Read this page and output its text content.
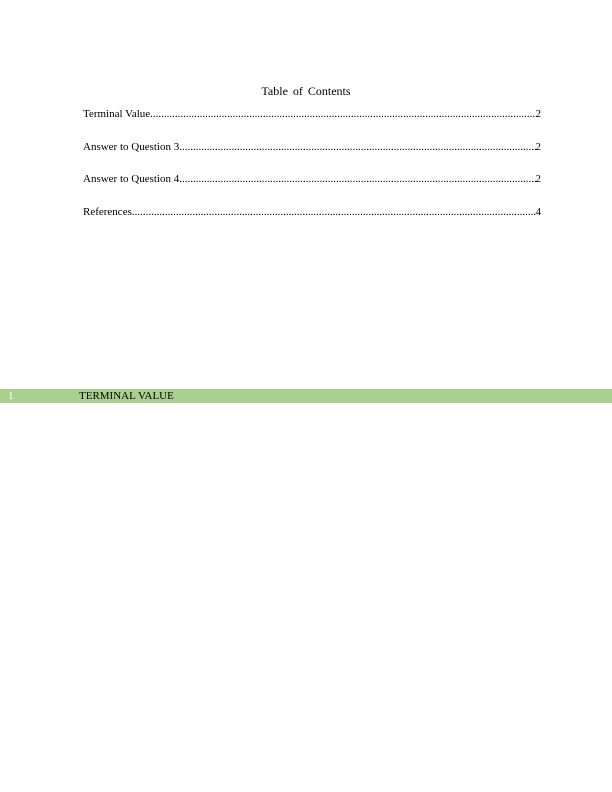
Table of Contents
Terminal Value .....	2
Answer to Question 3 .....	2
Answer to Question 4 .....	2
References .....	4
1	TERMINAL VALUE
